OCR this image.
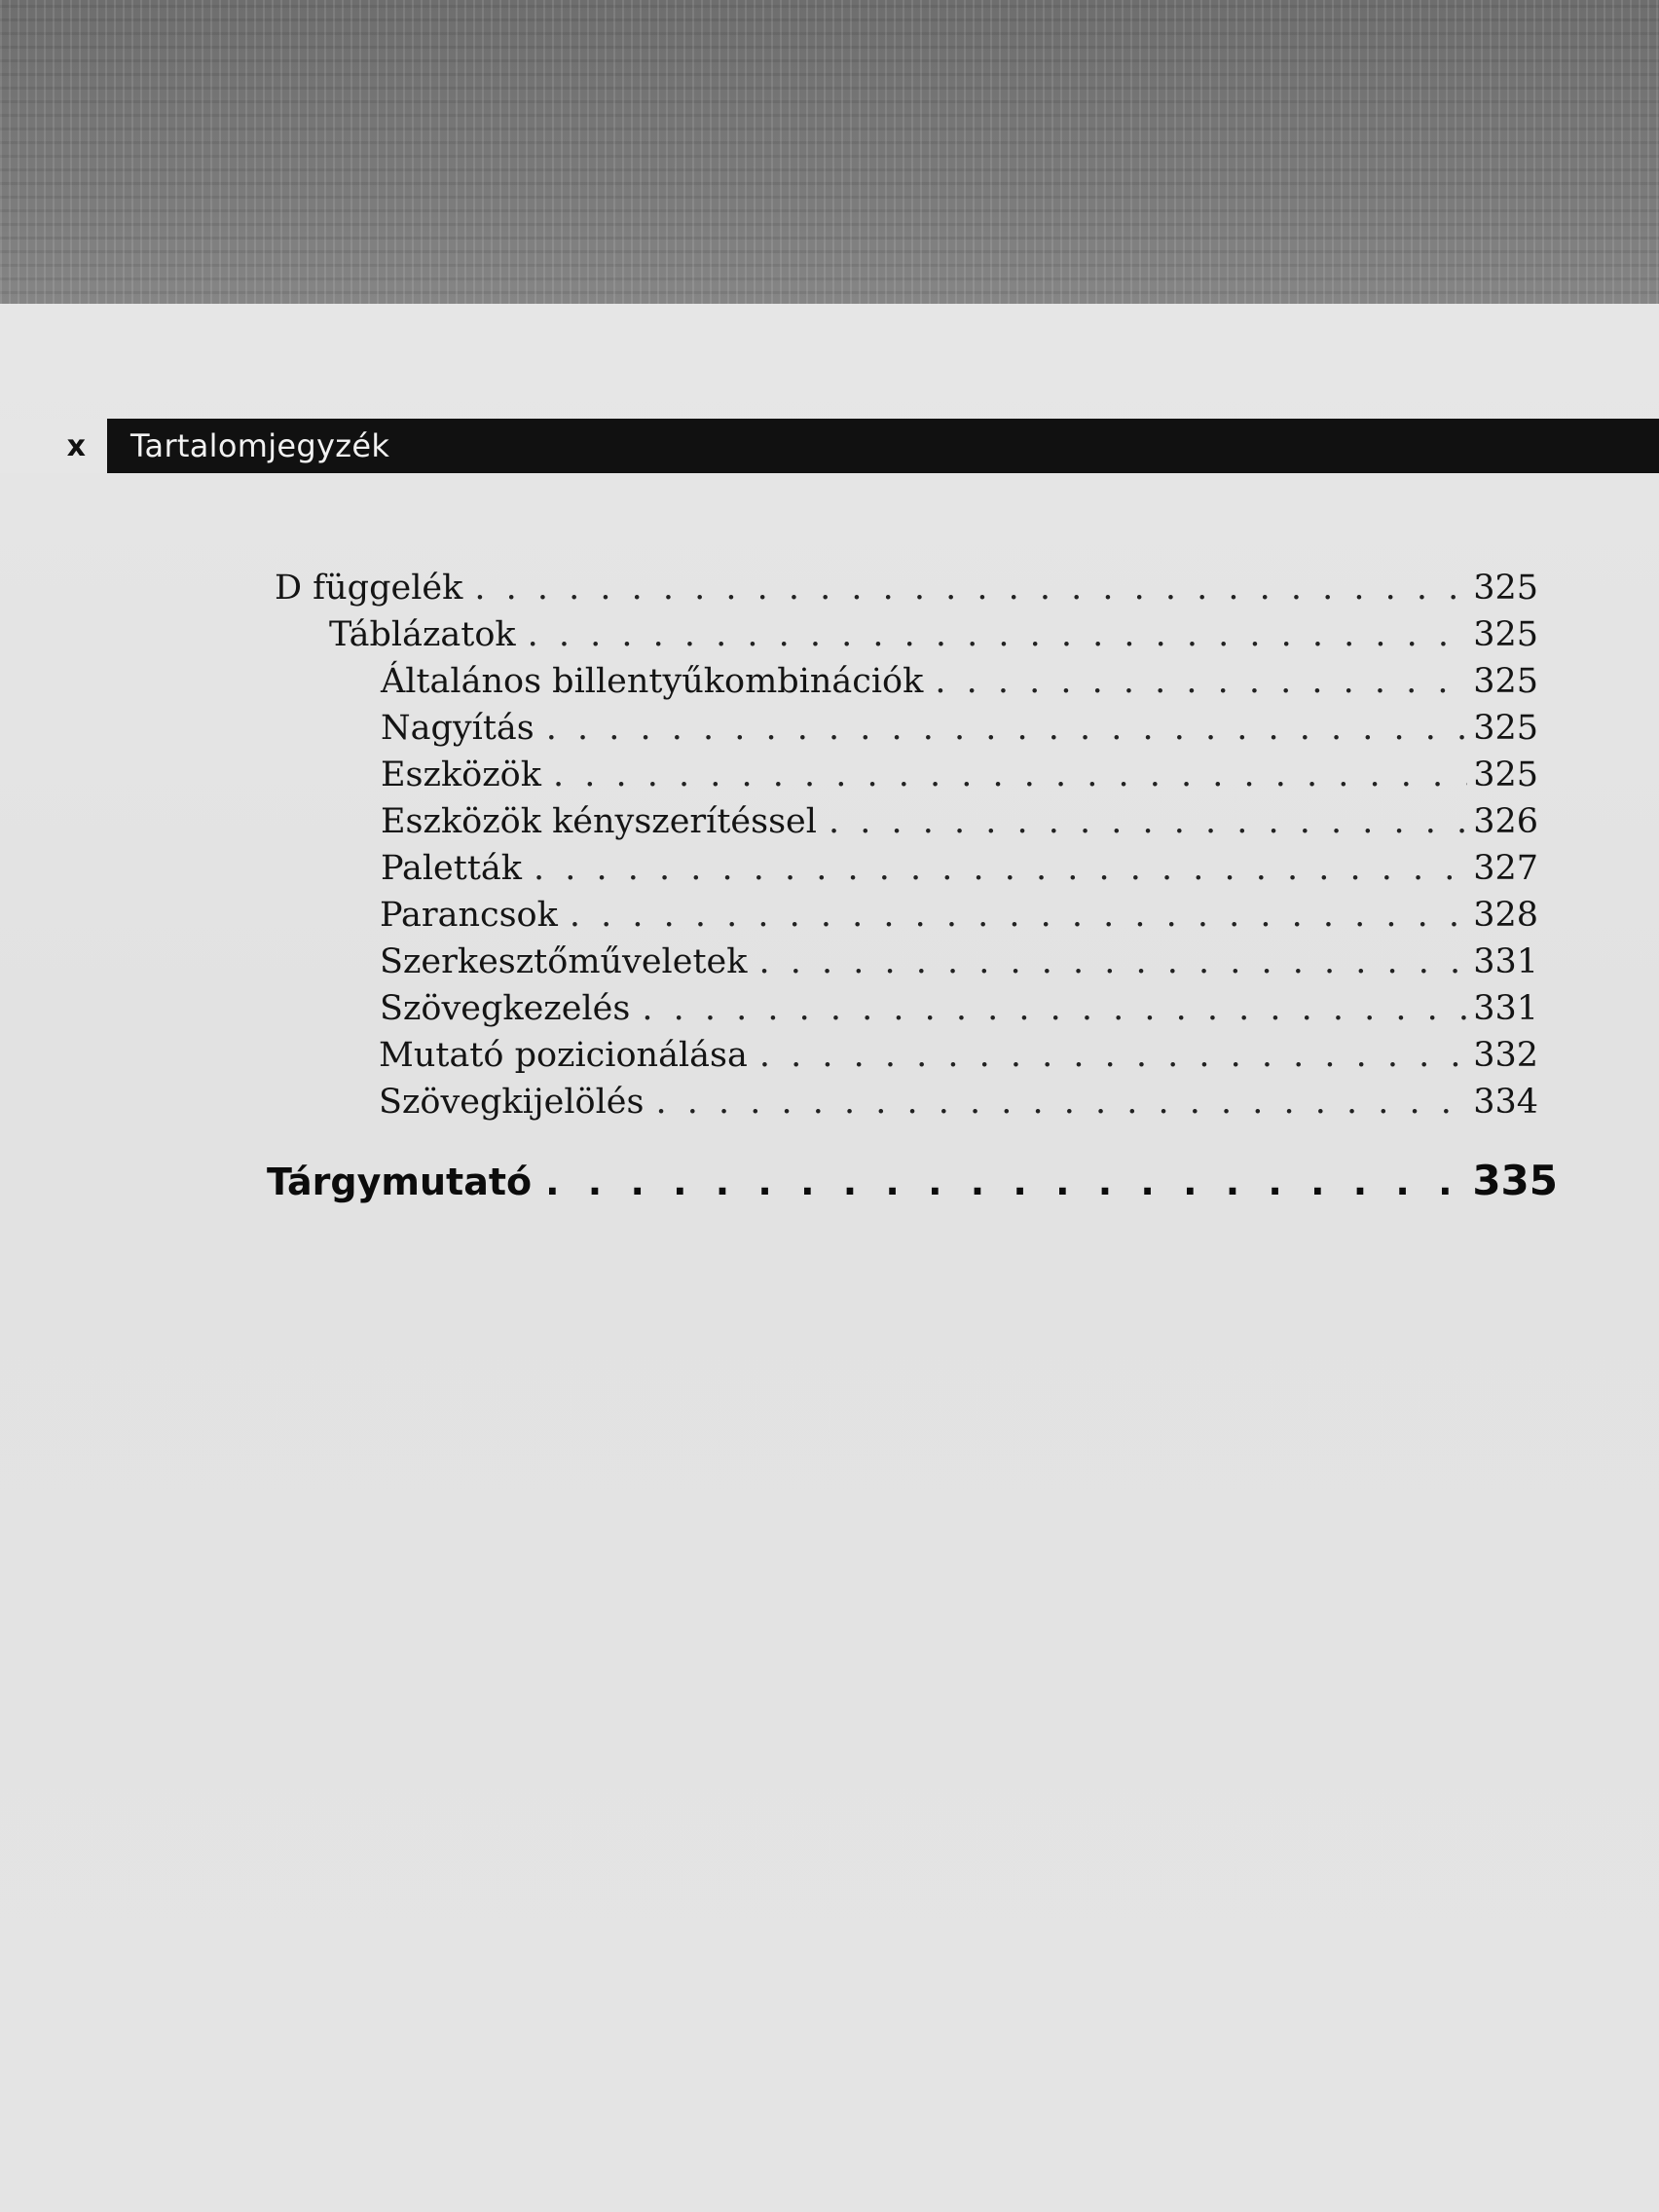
x	Tartalomjegyzék
D függelék . . .	325
Táblázatok . . .	325
Általános billentyűkombinációk . . .	325
Nagyítás . . .	325
Eszközök . . .	325
Eszközök kényszerítéssel . . .	326
Paletták . . .	327
Parancsok . . .	328
Szerkesztőműveletek . . .	331
Szövegkezelés . . .	331
Mutató pozicionálása . . .	332
Szövegkijelölés . . .	334
Tárgymutató . . .	335
